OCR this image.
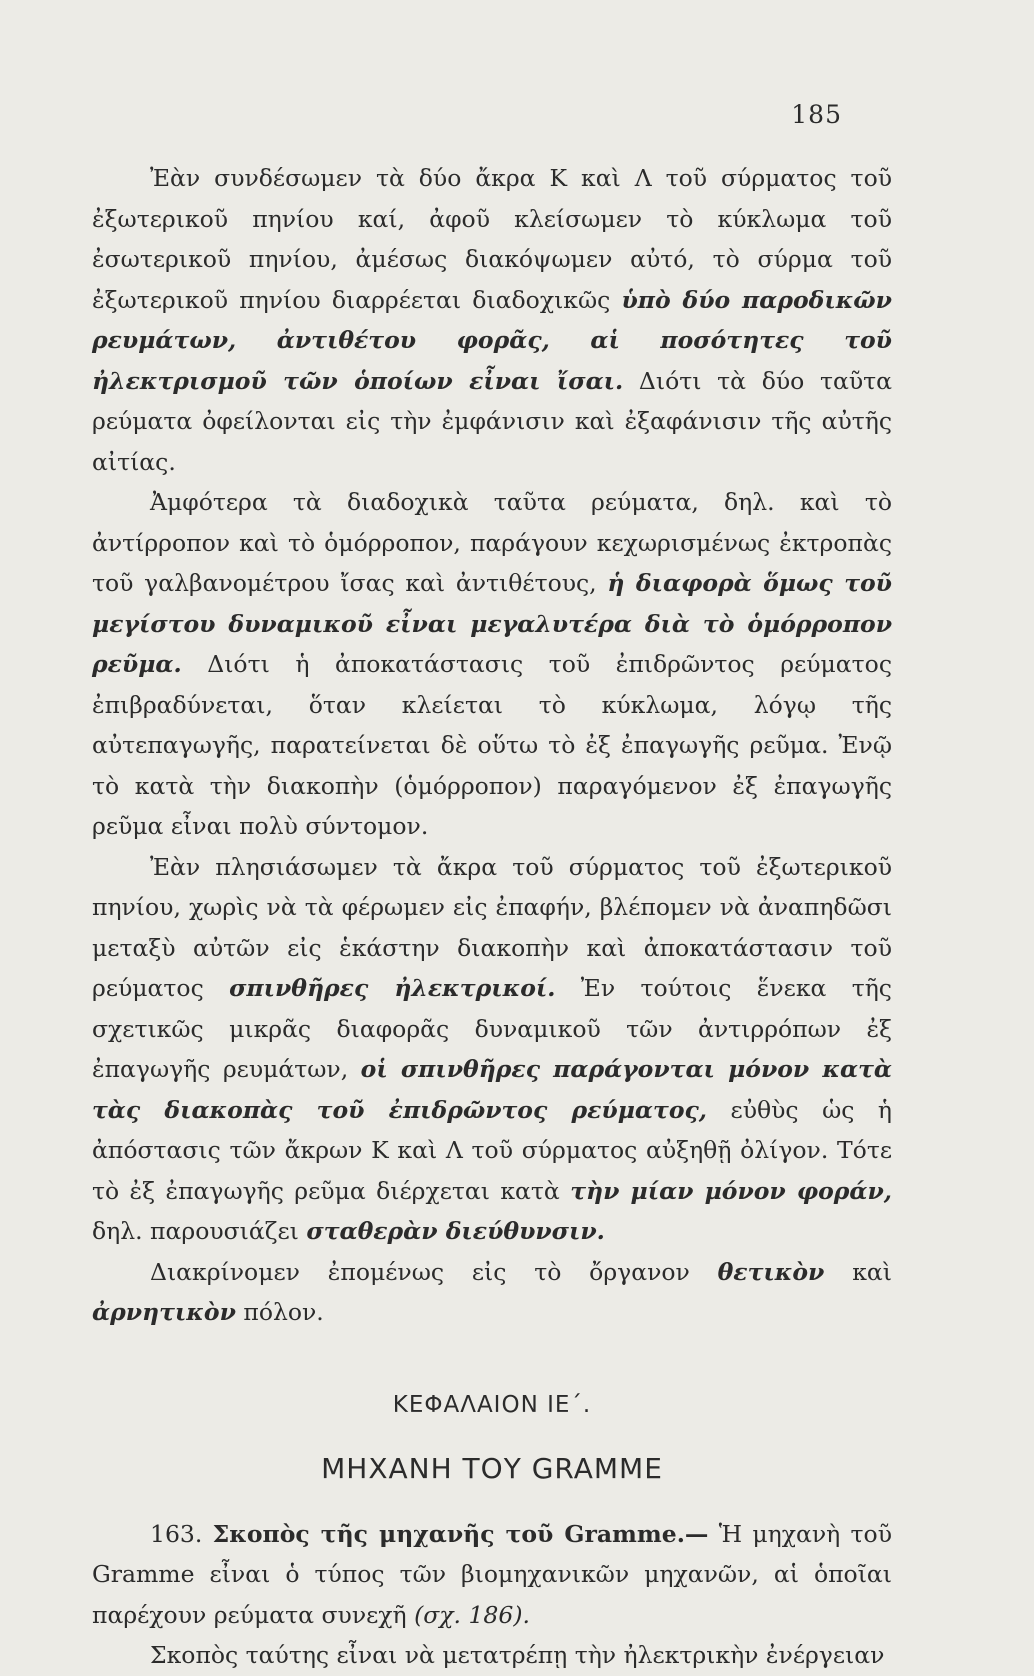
185

Ἐὰν συνδέσωμεν τὰ δύο ἄκρα Κ καὶ Λ τοῦ σύρματος τοῦ ἐξωτερικοῦ πηνίου καί, ἀφοῦ κλείσωμεν τὸ κύκλωμα τοῦ ἐσωτερικοῦ πηνίου, ἀμέσως διακόψωμεν αὐτό, τὸ σύρμα τοῦ ἐξωτερικοῦ πηνίου διαρρέεται διαδοχικῶς ὑπὸ δύο παροδικῶν ρευμάτων, ἀντιθέτου φορᾶς, αἱ ποσότητες τοῦ ἠλεκτρισμοῦ τῶν ὁποίων εἶναι ἴσαι. Διότι τὰ δύο ταῦτα ρεύματα ὀφείλονται εἰς τὴν ἐμφάνισιν καὶ ἐξαφάνισιν τῆς αὐτῆς αἰτίας.

Ἀμφότερα τὰ διαδοχικὰ ταῦτα ρεύματα, δηλ. καὶ τὸ ἀντίρροπον καὶ τὸ ὁμόρροπον, παράγουν κεχωρισμένως ἐκτροπὰς τοῦ γαλβανομέτρου ἴσας καὶ ἀντιθέτους, ἡ διαφορὰ ὅμως τοῦ μεγίστου δυναμικοῦ εἶναι μεγαλυτέρα διὰ τὸ ὁμόρροπον ρεῦμα. Διότι ἡ ἀποκατάστασις τοῦ ἐπιδρῶντος ρεύματος ἐπιβραδύνεται, ὅταν κλείεται τὸ κύκλωμα, λόγῳ τῆς αὐτεπαγωγῆς, παρατείνεται δὲ οὕτω τὸ ἐξ ἐπαγωγῆς ρεῦμα. Ἐνῷ τὸ κατὰ τὴν διακοπὴν (ὁμόρροπον) παραγόμενον ἐξ ἐπαγωγῆς ρεῦμα εἶναι πολὺ σύντομον.

Ἐὰν πλησιάσωμεν τὰ ἄκρα τοῦ σύρματος τοῦ ἐξωτερικοῦ πηνίου, χωρὶς νὰ τὰ φέρωμεν εἰς ἐπαφήν, βλέπομεν νὰ ἀναπηδῶσι μεταξὺ αὐτῶν εἰς ἑκάστην διακοπὴν καὶ ἀποκατάστασιν τοῦ ρεύματος σπινθῆρες ἠλεκτρικοί. Ἐν τούτοις ἕνεκα τῆς σχετικῶς μικρᾶς διαφορᾶς δυναμικοῦ τῶν ἀντιρρόπων ἐξ ἐπαγωγῆς ρευμάτων, οἱ σπινθῆρες παράγονται μόνον κατὰ τὰς διακοπὰς τοῦ ἐπιδρῶντος ρεύματος, εὐθὺς ὡς ἡ ἀπόστασις τῶν ἄκρων Κ καὶ Λ τοῦ σύρματος αὐξηθῇ ὀλίγον. Τότε τὸ ἐξ ἐπαγωγῆς ρεῦμα διέρχεται κατὰ τὴν μίαν μόνον φοράν, δηλ. παρουσιάζει σταθερὰν διεύθυνσιν.

Διακρίνομεν ἐπομένως εἰς τὸ ὄργανον θετικὸν καὶ ἀρνητικὸν πόλον.

ΚΕΦΑΛΑΙΟΝ ΙΕ΄.
ΜΗΧΑΝΗ ΤΟΥ GRAMME

163. Σκοπὸς τῆς μηχανῆς τοῦ Gramme.— Ἡ μηχανὴ τοῦ Gramme εἶναι ὁ τύπος τῶν βιομηχανικῶν μηχανῶν, αἱ ὁποῖαι παρέχουν ρεύματα συνεχῆ (σχ. 186).

Σκοπὸς ταύτης εἶναι νὰ μετατρέπῃ τὴν ἠλεκτρικὴν ἐνέργειαν
